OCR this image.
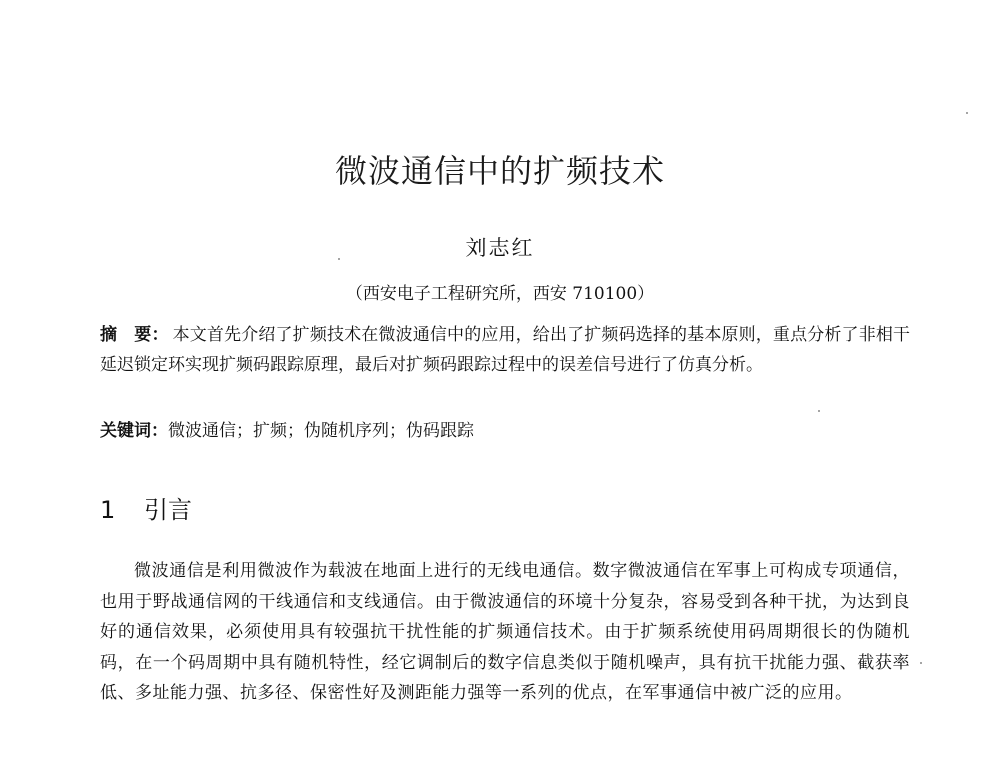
微波通信中的扩频技术
刘志红
（西安电子工程研究所，西安 710100）
摘　要： 本文首先介绍了扩频技术在微波通信中的应用，给出了扩频码选择的基本原则，重点分析了非相干延迟锁定环实现扩频码跟踪原理，最后对扩频码跟踪过程中的误差信号进行了仿真分析。
关键词：微波通信；扩频；伪随机序列；伪码跟踪
1 引言
微波通信是利用微波作为载波在地面上进行的无线电通信。数字微波通信在军事上可构成专项通信，也用于野战通信网的干线通信和支线通信。由于微波通信的环境十分复杂，容易受到各种干扰，为达到良好的通信效果，必须使用具有较强抗干扰性能的扩频通信技术。由于扩频系统使用码周期很长的伪随机码，在一个码周期中具有随机特性，经它调制后的数字信息类似于随机噪声，具有抗干扰能力强、截获率低、多址能力强、抗多径、保密性好及测距能力强等一系列的优点，在军事通信中被广泛的应用。
